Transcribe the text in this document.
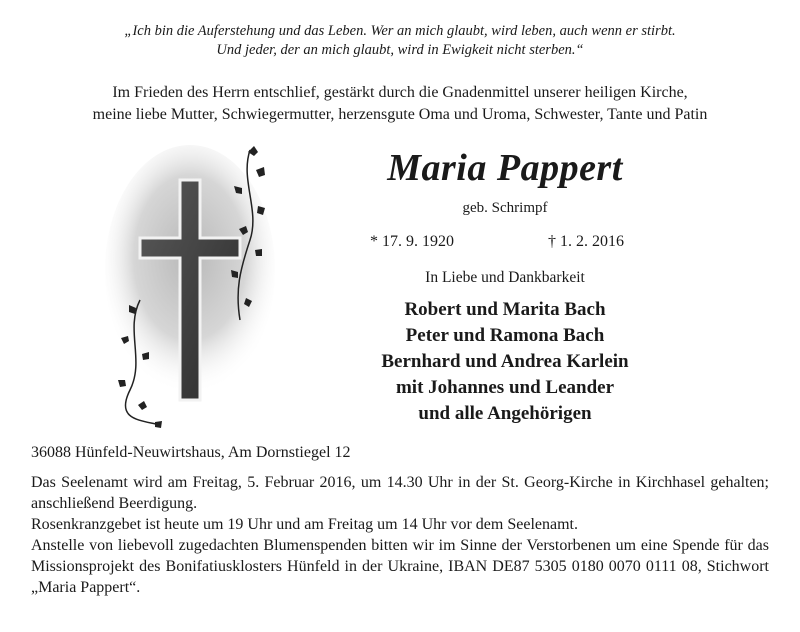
„Ich bin die Auferstehung und das Leben. Wer an mich glaubt, wird leben, auch wenn er stirbt.
Und jeder, der an mich glaubt, wird in Ewigkeit nicht sterben.“
Im Frieden des Herrn entschlief, gestärkt durch die Gnadenmittel unserer heiligen Kirche,
meine liebe Mutter, Schwiegermutter, herzensgute Oma und Uroma, Schwester, Tante und Patin
Maria Pappert
geb. Schrimpf
* 17. 9. 1920	† 1. 2. 2016
In Liebe und Dankbarkeit
Robert und Marita Bach
Peter und Ramona Bach
Bernhard und Andrea Karlein
mit Johannes und Leander
und alle Angehörigen
36088 Hünfeld-Neuwirtshaus, Am Dornstiegel 12

Das Seelenamt wird am Freitag, 5. Februar 2016, um 14.30 Uhr in der St. Georg-Kirche in Kirchhasel gehalten; anschließend Beerdigung.

Rosenkranzgebet ist heute um 19 Uhr und am Freitag um 14 Uhr vor dem Seelenamt.

Anstelle von liebevoll zugedachten Blumenspenden bitten wir im Sinne der Verstorbenen um eine Spende für das Missionsprojekt des Bonifatiusklosters Hünfeld in der Ukraine, IBAN DE87 5305 0180 0070 0111 08, Stichwort „Maria Pappert“.
